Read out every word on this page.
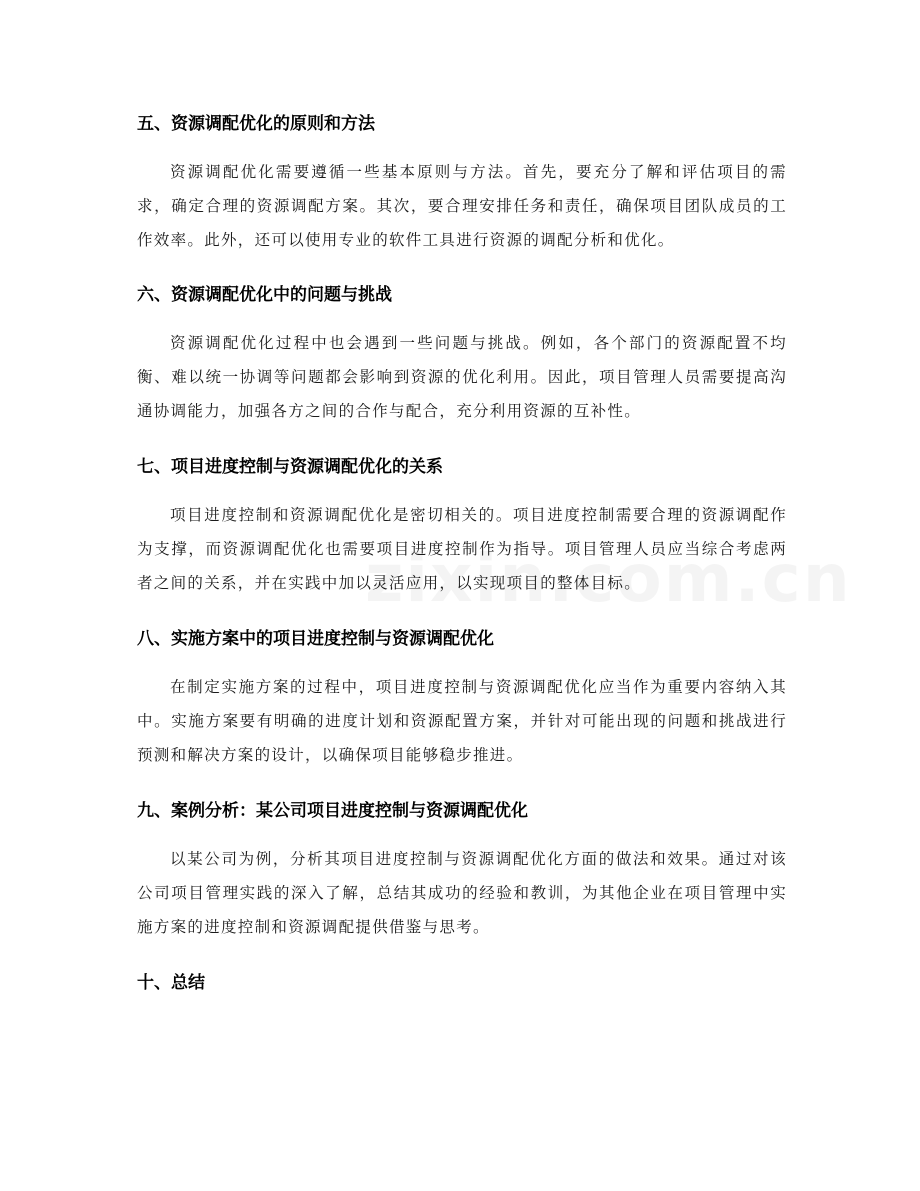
五、资源调配优化的原则和方法
资源调配优化需要遵循一些基本原则与方法。首先，要充分了解和评估项目的需求，确定合理的资源调配方案。其次，要合理安排任务和责任，确保项目团队成员的工作效率。此外，还可以使用专业的软件工具进行资源的调配分析和优化。
六、资源调配优化中的问题与挑战
资源调配优化过程中也会遇到一些问题与挑战。例如，各个部门的资源配置不均衡、难以统一协调等问题都会影响到资源的优化利用。因此，项目管理人员需要提高沟通协调能力，加强各方之间的合作与配合，充分利用资源的互补性。
七、项目进度控制与资源调配优化的关系
项目进度控制和资源调配优化是密切相关的。项目进度控制需要合理的资源调配作为支撑，而资源调配优化也需要项目进度控制作为指导。项目管理人员应当综合考虑两者之间的关系，并在实践中加以灵活应用，以实现项目的整体目标。
八、实施方案中的项目进度控制与资源调配优化
在制定实施方案的过程中，项目进度控制与资源调配优化应当作为重要内容纳入其中。实施方案要有明确的进度计划和资源配置方案，并针对可能出现的问题和挑战进行预测和解决方案的设计，以确保项目能够稳步推进。
九、案例分析：某公司项目进度控制与资源调配优化
以某公司为例，分析其项目进度控制与资源调配优化方面的做法和效果。通过对该公司项目管理实践的深入了解，总结其成功的经验和教训，为其他企业在项目管理中实施方案的进度控制和资源调配提供借鉴与思考。
十、总结
